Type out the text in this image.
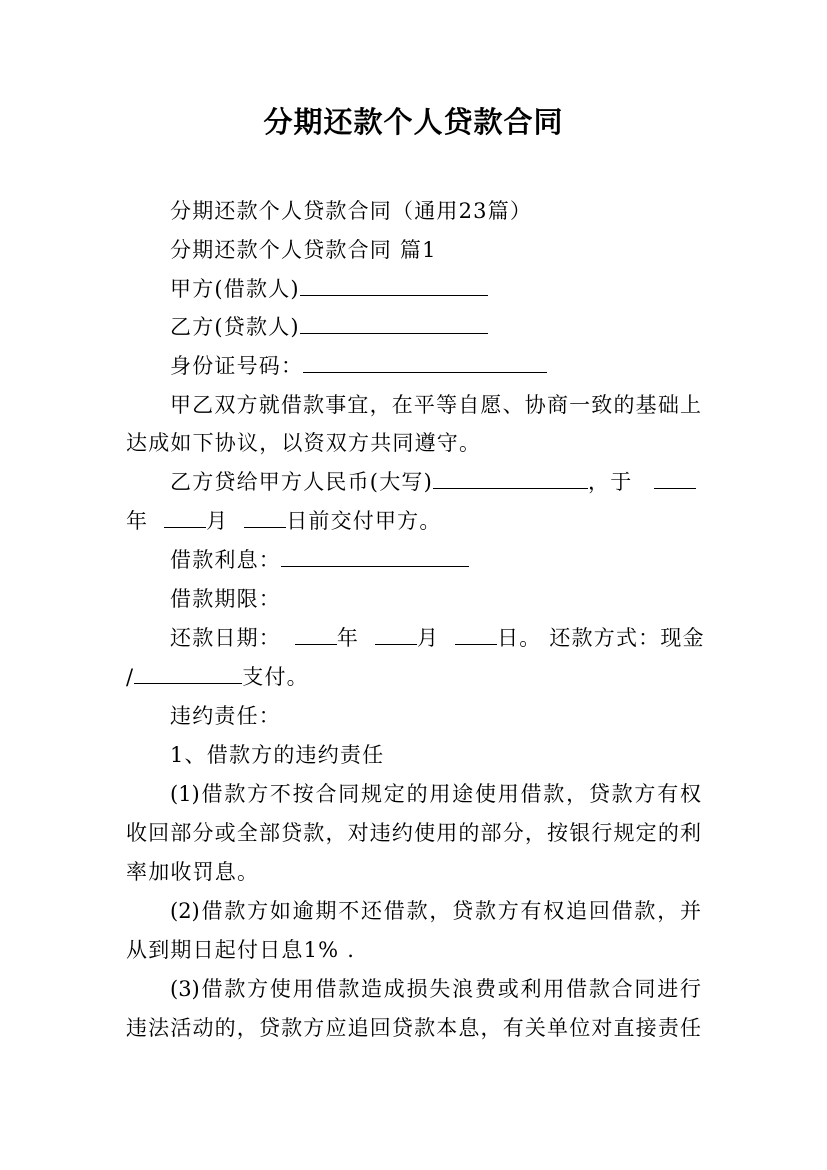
分期还款个人贷款合同
分期还款个人贷款合同（通用23篇）
分期还款个人贷款合同 篇1
甲方(借款人)
乙方(贷款人)
身份证号码：
甲乙双方就借款事宜，在平等自愿、协商一致的基础上
达成如下协议，以资双方共同遵守。
乙方贷给甲方人民币(大写)	，于
年	月	日前交付甲方。
借款利息：
借款期限：
还款日期：	年	月	日。 还款方式：现金
/	支付。
违约责任：
1、借款方的违约责任
(1)借款方不按合同规定的用途使用借款，贷款方有权
收回部分或全部贷款，对违约使用的部分，按银行规定的利
率加收罚息。
(2)借款方如逾期不还借款，贷款方有权追回借款，并
从到期日起付日息1% .
(3)借款方使用借款造成损失浪费或利用借款合同进行
违法活动的，贷款方应追回贷款本息，有关单位对直接责任
